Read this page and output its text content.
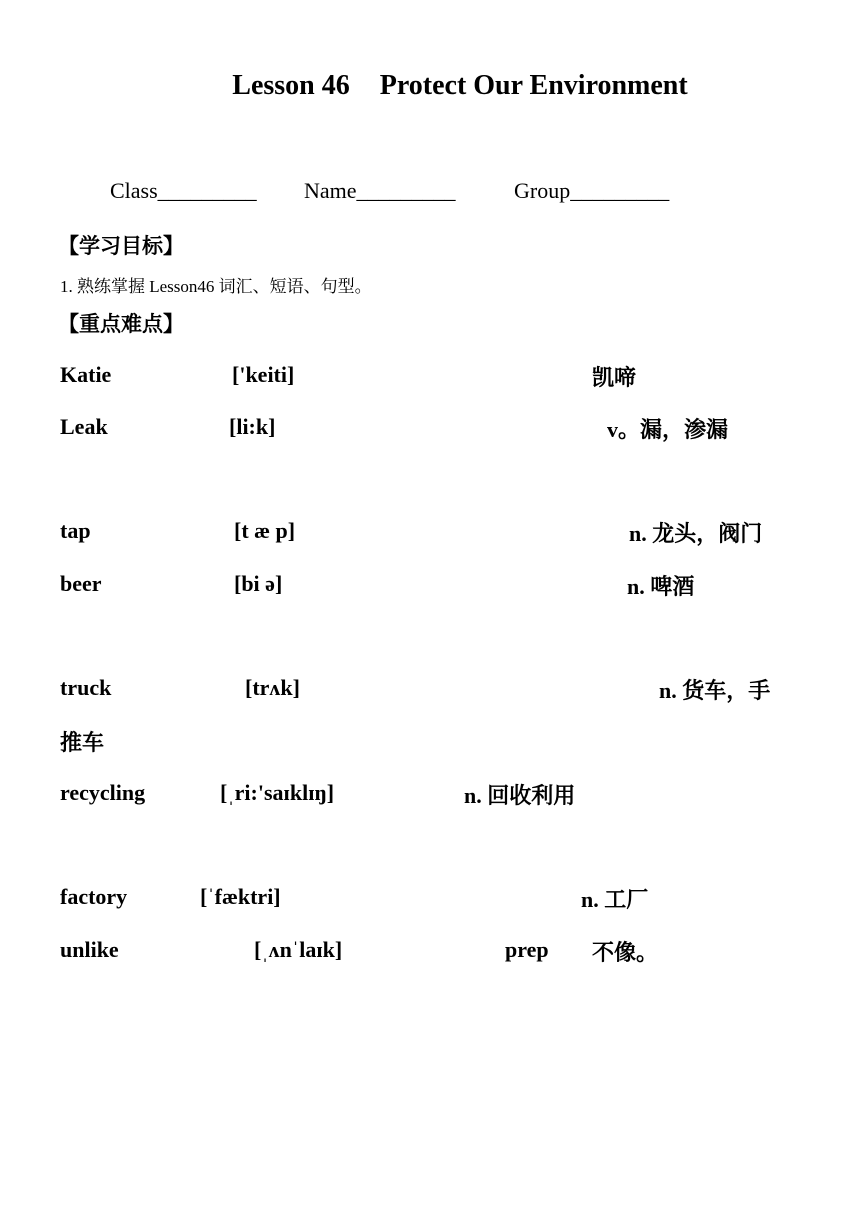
Lesson 46 Protect Our Environment
Class_________ Name_________	Group_________
【学习目标】
1. 熟练掌握 Lesson46 词汇、短语、句型。
【重点难点】
Katie	['keiti]	凯啼
Leak	[li:k]	v。漏，渗漏
tap	[t æ p]	n. 龙头，阀门
beer	[bi ə]	n. 啤酒
truck	[trʌk]	n. 货车，手
推车
recycling	[ˌri:'saɪklɪŋ]	n. 回收利用
factory	[ˈfæktri]	n. 工厂
unlike	[ˌʌnˈlaɪk]	prep 不像。
